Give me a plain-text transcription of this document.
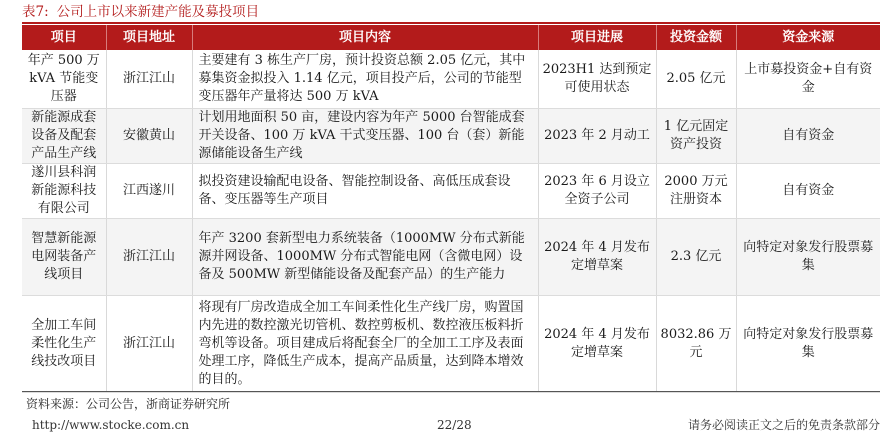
表7: 公司上市以来新建产能及募投项目
项目	项目地址	项目内容	项目进展	投资金额	资金来源
年产 500 万 kVA 节能变压器	浙江江山	主要建有 3 栋生产厂房，预计投资总额 2.05 亿元，其中募集资金拟投入 1.14 亿元，项目投产后，公司的节能型变压器年产量将达 500 万 kVA	2023H1 达到预定可使用状态	2.05 亿元	上市募投资金+自有资金
新能源成套设备及配套产品生产线	安徽黄山	计划用地面积 50 亩，建设内容为年产 5000 台智能成套开关设备、100 万 kVA 干式变压器、100 台（套）新能源储能设备生产线	2023 年 2 月动工	1 亿元固定资产投资	自有资金
遂川县科润新能源科技有限公司	江西遂川	拟投资建设输配电设备、智能控制设备、高低压成套设备、变压器等生产项目	2023 年 6 月设立全资子公司	2000 万元注册资本	自有资金
智慧新能源电网装备产线项目	浙江江山	年产 3200 套新型电力系统装备（1000MW 分布式新能源并网设备、1000MW 分布式智能电网（含微电网）设备及 500MW 新型储能设备及配套产品）的生产能力	2024 年 4 月发布定增草案	2.3 亿元	向特定对象发行股票募集
全加工车间柔性化生产线技改项目	浙江江山	将现有厂房改造成全加工车间柔性化生产线厂房，购置国内先进的数控激光切管机、数控剪板机、数控液压板料折弯机等设备。项目建成后将配套全厂的全加工工序及表面处理工序，降低生产成本，提高产品质量，达到降本增效的目的。	2024 年 4 月发布定增草案	8032.86 万元	向特定对象发行股票募集
资料来源：公司公告，浙商证券研究所
http://www.stocke.com.cn	22/28	请务必阅读正文之后的免责条款部分
